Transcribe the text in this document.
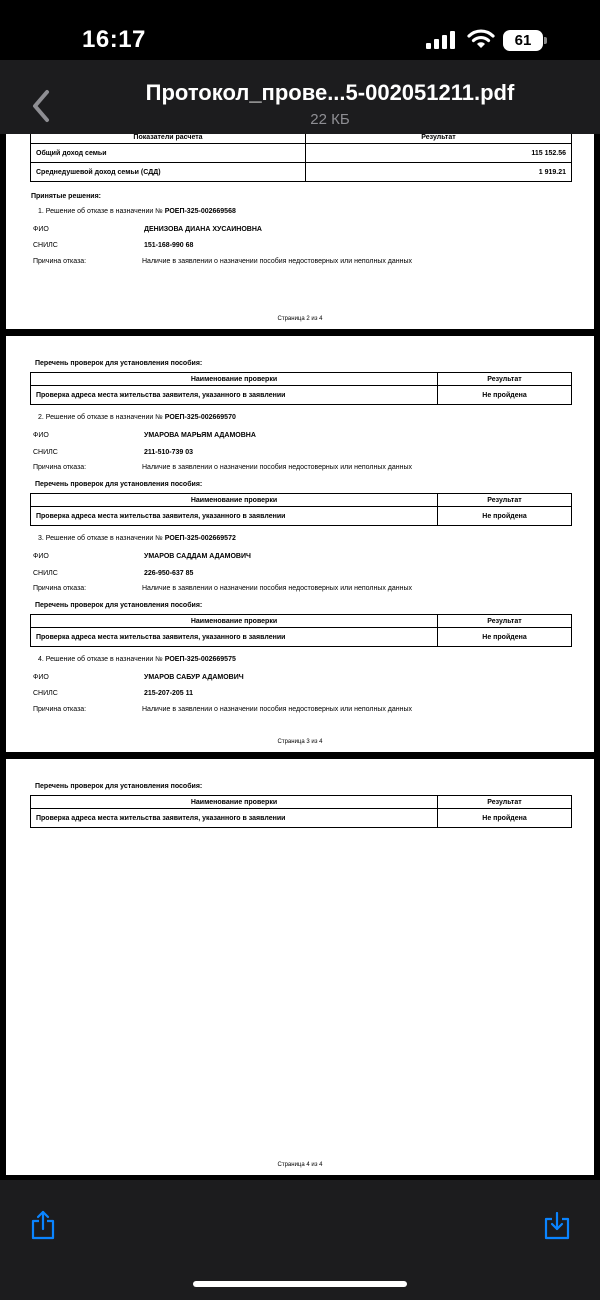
16:17	61
Протокол_прове...5-002051211.pdf
22 КБ
Показатели расчета	Результат
Общий доход семьи	115 152.56
Среднедушевой доход семьи (СДД)	1 919.21
Принятые решения:
1. Решение об отказе в назначении № РОЕП-325-002669568
ФИО	ДЕНИЗОВА ДИАНА ХУСАИНОВНА
СНИЛС	151-168-990 68
Причина отказа:	Наличие в заявлении о назначении пособия недостоверных или неполных данных
Страница 2 из 4
Перечень проверок для установления пособия:
Наименование проверки	Результат
Проверка адреса места жительства заявителя, указанного в заявлении	Не пройдена
2. Решение об отказе в назначении № РОЕП-325-002669570
ФИО	УМАРОВА МАРЬЯМ АДАМОВНА
СНИЛС	211-510-739 03
Причина отказа:	Наличие в заявлении о назначении пособия недостоверных или неполных данных
Перечень проверок для установления пособия:
Наименование проверки	Результат
Проверка адреса места жительства заявителя, указанного в заявлении	Не пройдена
3. Решение об отказе в назначении № РОЕП-325-002669572
ФИО	УМАРОВ САДДАМ АДАМОВИЧ
СНИЛС	226-950-637 85
Причина отказа:	Наличие в заявлении о назначении пособия недостоверных или неполных данных
Перечень проверок для установления пособия:
Наименование проверки	Результат
Проверка адреса места жительства заявителя, указанного в заявлении	Не пройдена
4. Решение об отказе в назначении № РОЕП-325-002669575
ФИО	УМАРОВ САБУР АДАМОВИЧ
СНИЛС	215-207-205 11
Причина отказа:	Наличие в заявлении о назначении пособия недостоверных или неполных данных
Страница 3 из 4
Перечень проверок для установления пособия:
Наименование проверки	Результат
Проверка адреса места жительства заявителя, указанного в заявлении	Не пройдена
Страница 4 из 4
